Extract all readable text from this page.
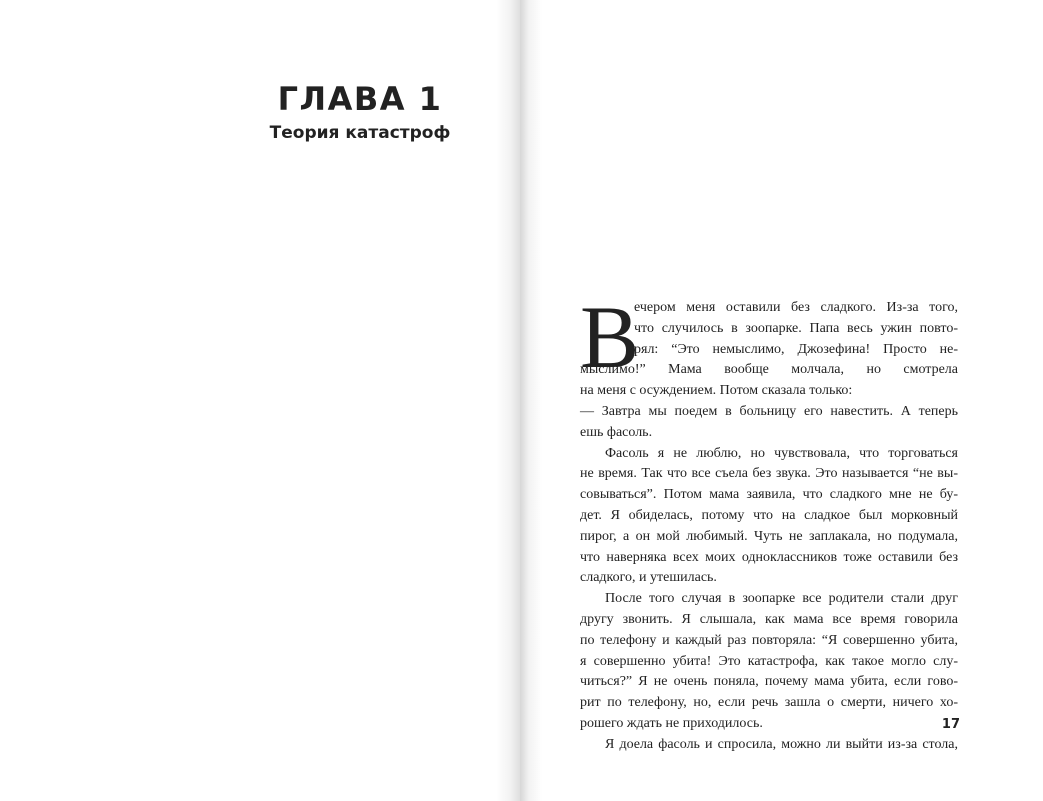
ГЛАВА 1
Теория катастроф
В
ечером меня оставили без сладкого. Из-за того,
что случилось в зоопарке. Папа весь ужин повто-
рял: “Это немыслимо, Джозефина! Просто не-
мыслимо!” Мама вообще молчала, но смотрела
на меня с осуждением. Потом сказала только:
— Завтра мы поедем в больницу его навестить. А теперь
ешь фасоль.
Фасоль я не люблю, но чувствовала, что торговаться
не время. Так что все съела без звука. Это называется “не вы-
совываться”. Потом мама заявила, что сладкого мне не бу-
дет. Я обиделась, потому что на сладкое был морковный
пирог, а он мой любимый. Чуть не заплакала, но подумала,
что наверняка всех моих одноклассников тоже оставили без
сладкого, и утешилась.
После того случая в зоопарке все родители стали друг
другу звонить. Я слышала, как мама все время говорила
по телефону и каждый раз повторяла: “Я совершенно убита,
я совершенно убита! Это катастрофа, как такое могло слу-
читься?” Я не очень поняла, почему мама убита, если гово-
рит по телефону, но, если речь зашла о смерти, ничего хо-
рошего ждать не приходилось.
Я доела фасоль и спросила, можно ли выйти из-за стола,
17
